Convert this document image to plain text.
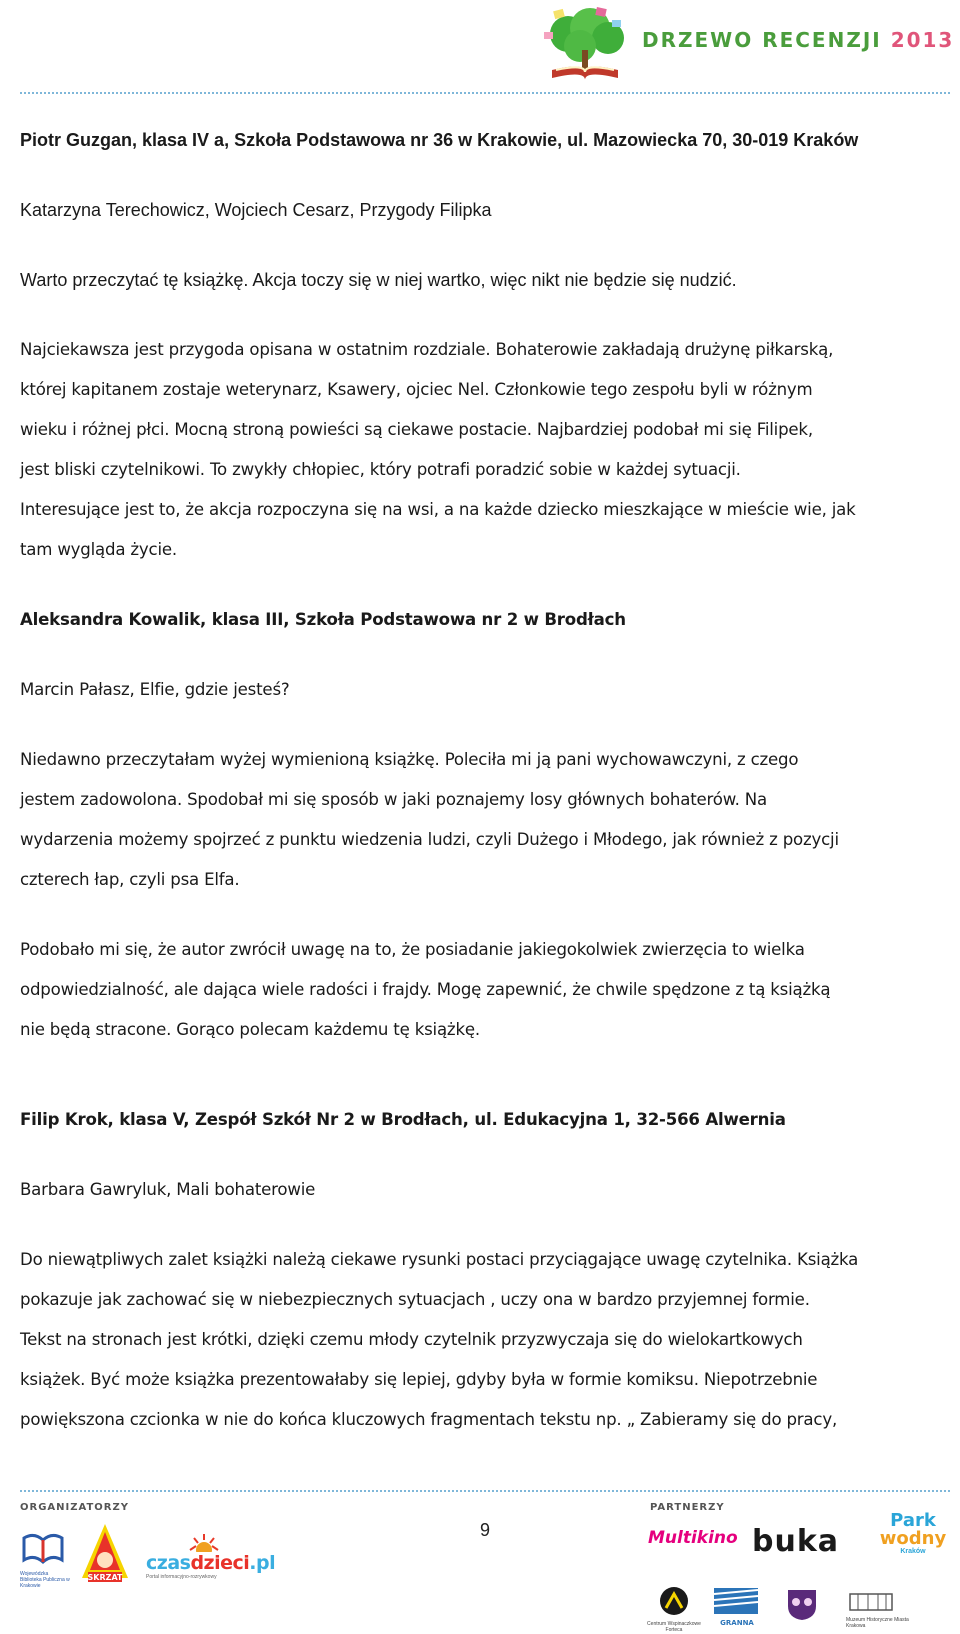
DRZEWO RECENZJI 2013
Piotr Guzgan, klasa IV a, Szkoła Podstawowa nr 36 w Krakowie, ul. Mazowiecka 70, 30-019 Kraków
Katarzyna Terechowicz, Wojciech Cesarz, Przygody Filipka
Warto przeczytać tę książkę. Akcja toczy się w niej wartko, więc nikt nie będzie się nudzić.
Najciekawsza jest przygoda opisana w ostatnim rozdziale. Bohaterowie zakładają drużynę piłkarską,
której kapitanem zostaje weterynarz, Ksawery, ojciec Nel. Członkowie tego zespołu byli w różnym
wieku i różnej płci. Mocną stroną powieści są ciekawe postacie. Najbardziej podobał mi się Filipek,
jest bliski czytelnikowi. To zwykły chłopiec, który potrafi poradzić sobie w każdej sytuacji.
Interesujące jest to, że akcja rozpoczyna się na wsi, a na każde dziecko mieszkające w mieście wie, jak
tam wygląda życie.
Aleksandra Kowalik, klasa III, Szkoła Podstawowa nr 2 w Brodłach
Marcin Pałasz, Elfie, gdzie jesteś?
Niedawno przeczytałam wyżej wymienioną książkę. Poleciła mi ją pani wychowawczyni, z czego
jestem zadowolona. Spodobał mi się sposób w jaki poznajemy losy głównych bohaterów. Na
wydarzenia możemy spojrzeć z punktu wiedzenia ludzi, czyli Dużego i Młodego, jak również z pozycji
czterech łap, czyli psa Elfa.
Podobało mi się, że autor zwrócił uwagę na to, że posiadanie jakiegokolwiek zwierzęcia to wielka
odpowiedzialność, ale dająca wiele radości i frajdy. Mogę zapewnić, że chwile spędzone z tą książką
nie będą stracone. Gorąco polecam każdemu tę książkę.
Filip Krok, klasa V, Zespół Szkół Nr 2 w Brodłach, ul. Edukacyjna 1, 32-566 Alwernia
Barbara Gawryluk, Mali bohaterowie
Do niewątpliwych zalet książki należą ciekawe rysunki postaci przyciągające uwagę czytelnika. Książka
pokazuje jak zachować się w niebezpiecznych sytuacjach , uczy ona w bardzo przyjemnej formie.
Tekst na stronach jest krótki, dzięki czemu młody czytelnik przyzwyczaja się do wielokartkowych
książek. Być może książka prezentowałaby się lepiej, gdyby była w formie komiksu. Niepotrzebnie
powiększona czcionka w nie do końca kluczowych fragmentach tekstu np. „ Zabieramy się do pracy,
ORGANIZATORZY	PARTNERZY
9
Wojewódzka Biblioteka Publiczna w Krakowie
SKRZAT
czasdzieci.pl
Portal informacyjno-rozrywkowy
Multikino buka
Park
wodny
Kraków
Centrum Wspinaczkowe Forteca
GRANNA	Muzeum Historyczne Miasta Krakowa
